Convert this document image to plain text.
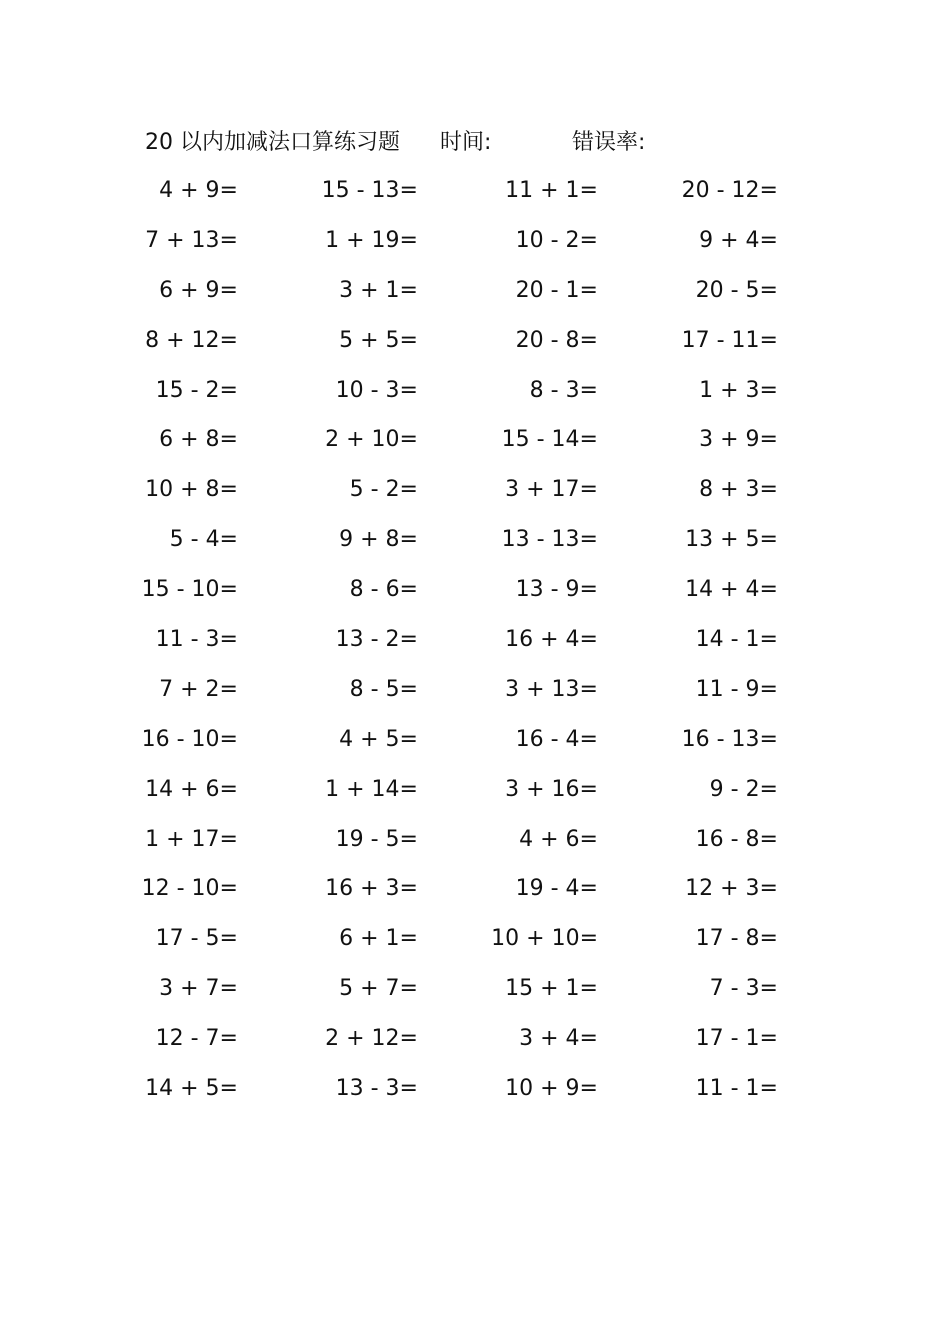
20 以内加减法口算练习题 时间:	错误率:
4 + 9=	15 - 13=	11 + 1=	20 - 12=
7 + 13=	1 + 19=	10 - 2=	9 + 4=
6 + 9=	3 + 1=	20 - 1=	20 - 5=
8 + 12=	5 + 5=	20 - 8=	17 - 11=
15 - 2=	10 - 3=	8 - 3=	1 + 3=
6 + 8=	2 + 10=	15 - 14=	3 + 9=
10 + 8=	5 - 2=	3 + 17=	8 + 3=
5 - 4=	9 + 8=	13 - 13=	13 + 5=
15 - 10=	8 - 6=	13 - 9=	14 + 4=
11 - 3=	13 - 2=	16 + 4=	14 - 1=
7 + 2=	8 - 5=	3 + 13=	11 - 9=
16 - 10=	4 + 5=	16 - 4=	16 - 13=
14 + 6=	1 + 14=	3 + 16=	9 - 2=
1 + 17=	19 - 5=	4 + 6=	16 - 8=
12 - 10=	16 + 3=	19 - 4=	12 + 3=
17 - 5=	6 + 1=	10 + 10=	17 - 8=
3 + 7=	5 + 7=	15 + 1=	7 - 3=
12 - 7=	2 + 12=	3 + 4=	17 - 1=
14 + 5=	13 - 3=	10 + 9=	11 - 1=
